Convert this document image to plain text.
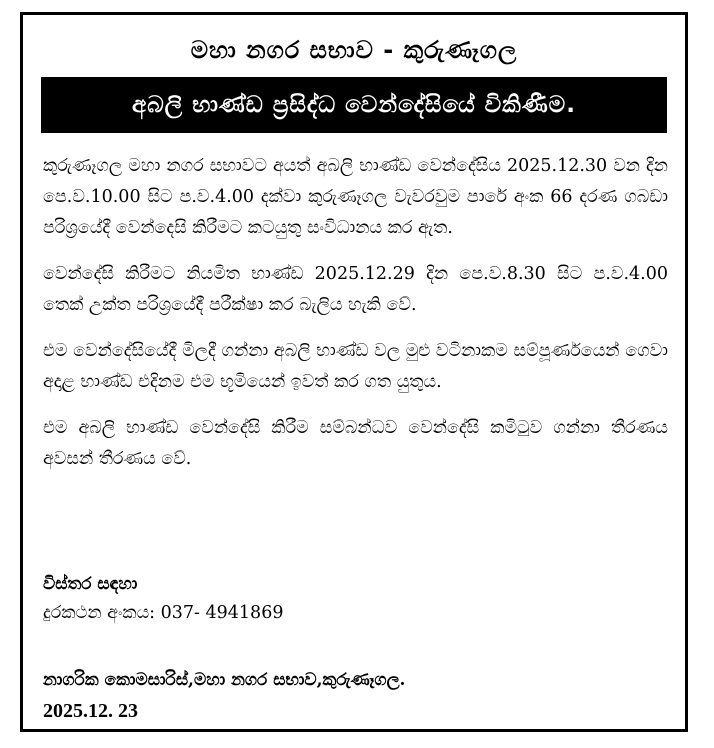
මහා නගර සභාව - කුරුණෑගල
අබලි භාණ්ඩ ප්‍රසිද්ධ වෙන්දේසියේ විකිණීම.

කුරුණෑගල මහා නගර සභාවට අයත් අබලි භාණ්ඩ වෙන්දේසිය 2025.12.30 වන දින පෙ.ව.10.00 සිට ප.ව.4.00 දක්වා කුරුණෑගල වැවරවුම පාරේ අංක 66 දරණ ගබඩා පරිශ්‍රයේදී වෙන්දෙසි කිරීමට කටයුතු සංවිධානය කර ඇත.

වෙන්දේසි කිරීමට නියමිත භාණ්ඩ 2025.12.29 දින පෙ.ව.8.30 සිට ප.ව.4.00 තෙක් උක්ත පරිශ්‍රයේදී පරීක්ෂා කර බැලිය හැකි වේ.

එම වෙන්දේසියේදී මිලදී ගන්නා අබලි භාණ්ඩ වල මුළු වටිනාකම සම්පූර්ණයෙන් ගෙවා අදාළ භාණ්ඩ එදිනම එම භූමියෙන් ඉවත් කර ගත යුතුය.

එම අබලි භාණ්ඩ වෙන්දේසි කිරීම සම්බන්ධව වෙන්දේසි කමිටුව ගන්නා තීරණය අවසන් තීරණය වේ.

විස්තර සඳහා
දුරකථන අංකය: 037- 4941869
නාගරික කොමසාරිස්,මහා නගර සභාව,කුරුණෑගල.
2025.12. 23
